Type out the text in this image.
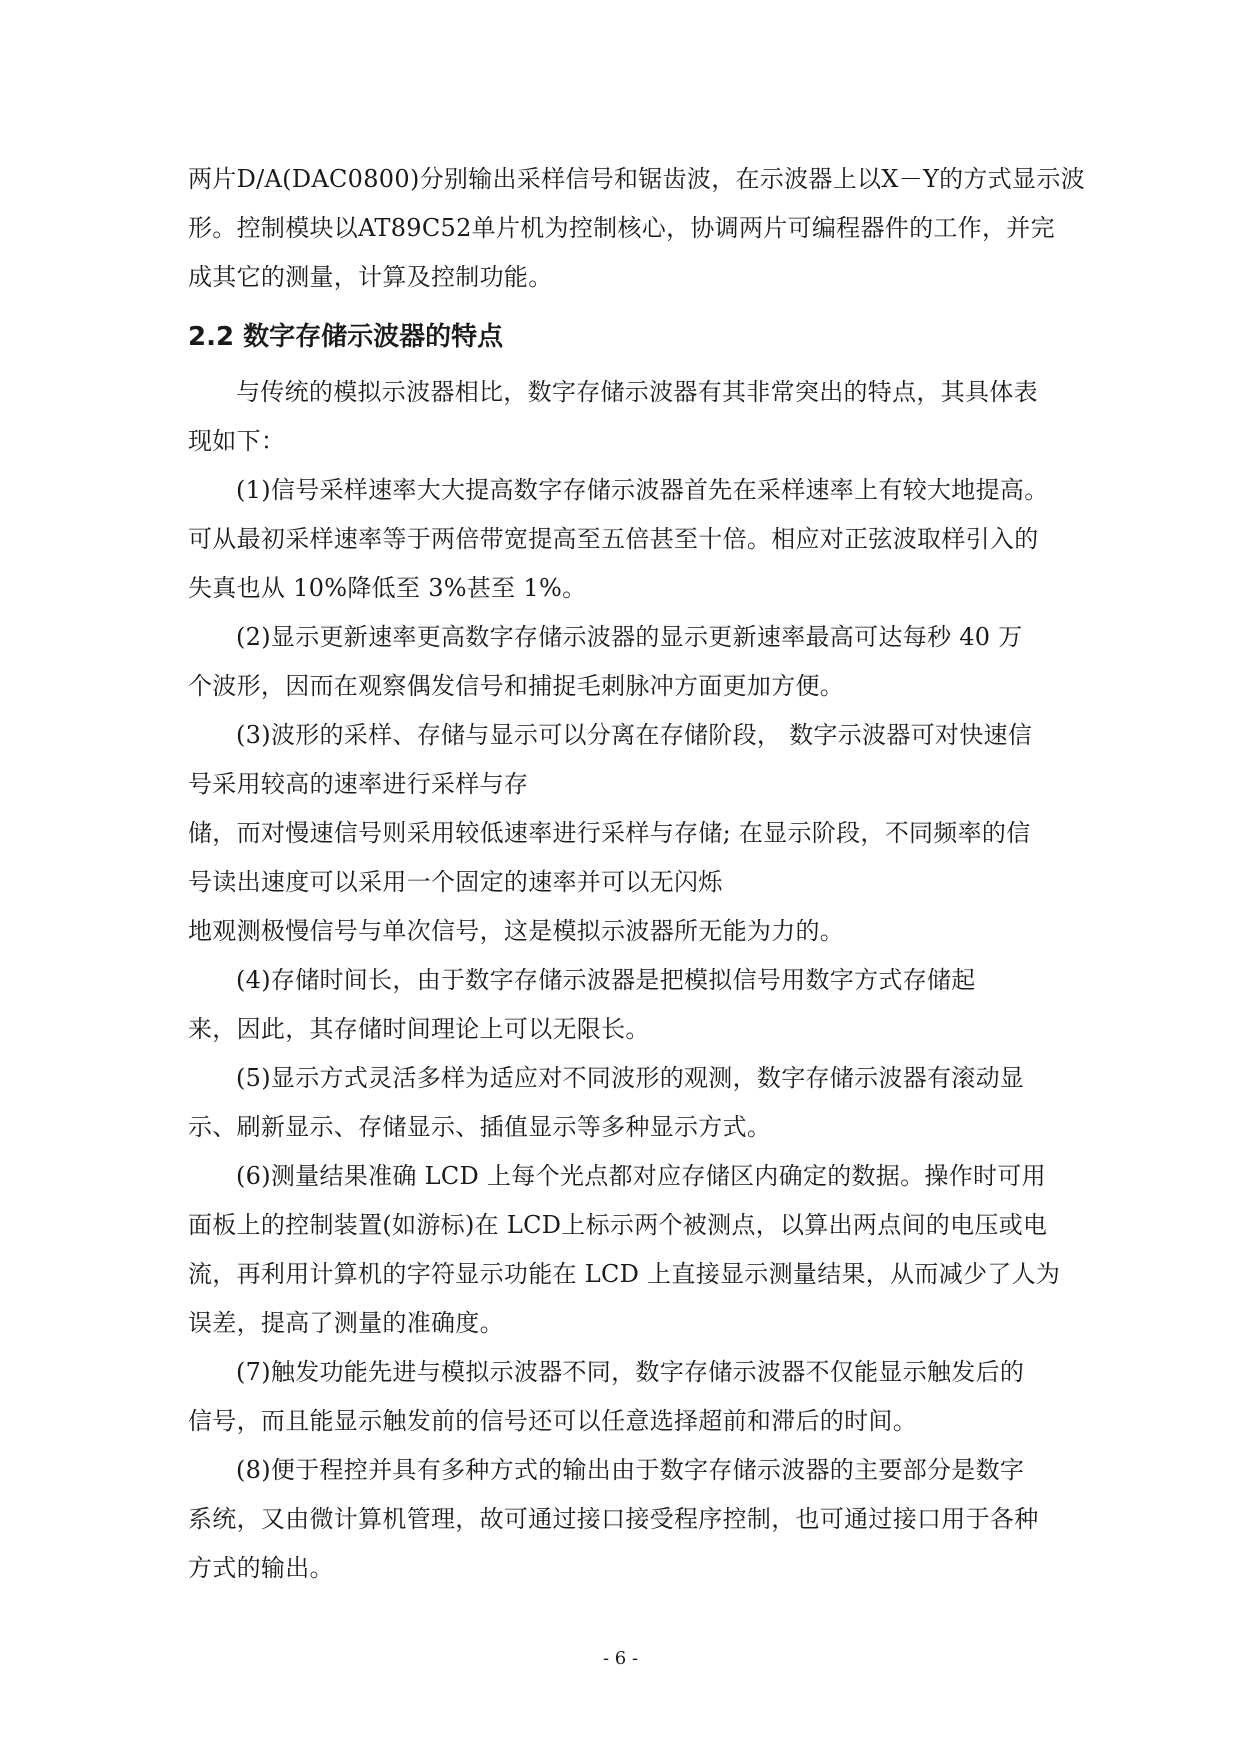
两片D/A(DAC0800)分别输出采样信号和锯齿波，在示波器上以X－Y的方式显示波
形。控制模块以AT89C52单片机为控制核心，协调两片可编程器件的工作，并完
成其它的测量，计算及控制功能。
2.2 数字存储示波器的特点
与传统的模拟示波器相比，数字存储示波器有其非常突出的特点，其具体表
现如下：
(1)信号采样速率大大提高数字存储示波器首先在采样速率上有较大地提高。
可从最初采样速率等于两倍带宽提高至五倍甚至十倍。相应对正弦波取样引入的
失真也从 10%降低至 3%甚至 1%。
(2)显示更新速率更高数字存储示波器的显示更新速率最高可达每秒 40 万
个波形，因而在观察偶发信号和捕捉毛刺脉冲方面更加方便。
(3)波形的采样、存储与显示可以分离在存储阶段， 数字示波器可对快速信
号采用较高的速率进行采样与存
储，而对慢速信号则采用较低速率进行采样与存储; 在显示阶段，不同频率的信
号读出速度可以采用一个固定的速率并可以无闪烁
地观测极慢信号与单次信号，这是模拟示波器所无能为力的。
(4)存储时间长，由于数字存储示波器是把模拟信号用数字方式存储起
来，因此，其存储时间理论上可以无限长。
(5)显示方式灵活多样为适应对不同波形的观测，数字存储示波器有滚动显
示、刷新显示、存储显示、插值显示等多种显示方式。
(6)测量结果准确 LCD 上每个光点都对应存储区内确定的数据。操作时可用
面板上的控制装置(如游标)在 LCD上标示两个被测点，以算出两点间的电压或电
流，再利用计算机的字符显示功能在 LCD 上直接显示测量结果，从而减少了人为
误差，提高了测量的准确度。
(7)触发功能先进与模拟示波器不同，数字存储示波器不仅能显示触发后的
信号，而且能显示触发前的信号还可以任意选择超前和滞后的时间。
(8)便于程控并具有多种方式的输出由于数字存储示波器的主要部分是数字
系统，又由微计算机管理，故可通过接口接受程序控制，也可通过接口用于各种
方式的输出。
- 6 -
